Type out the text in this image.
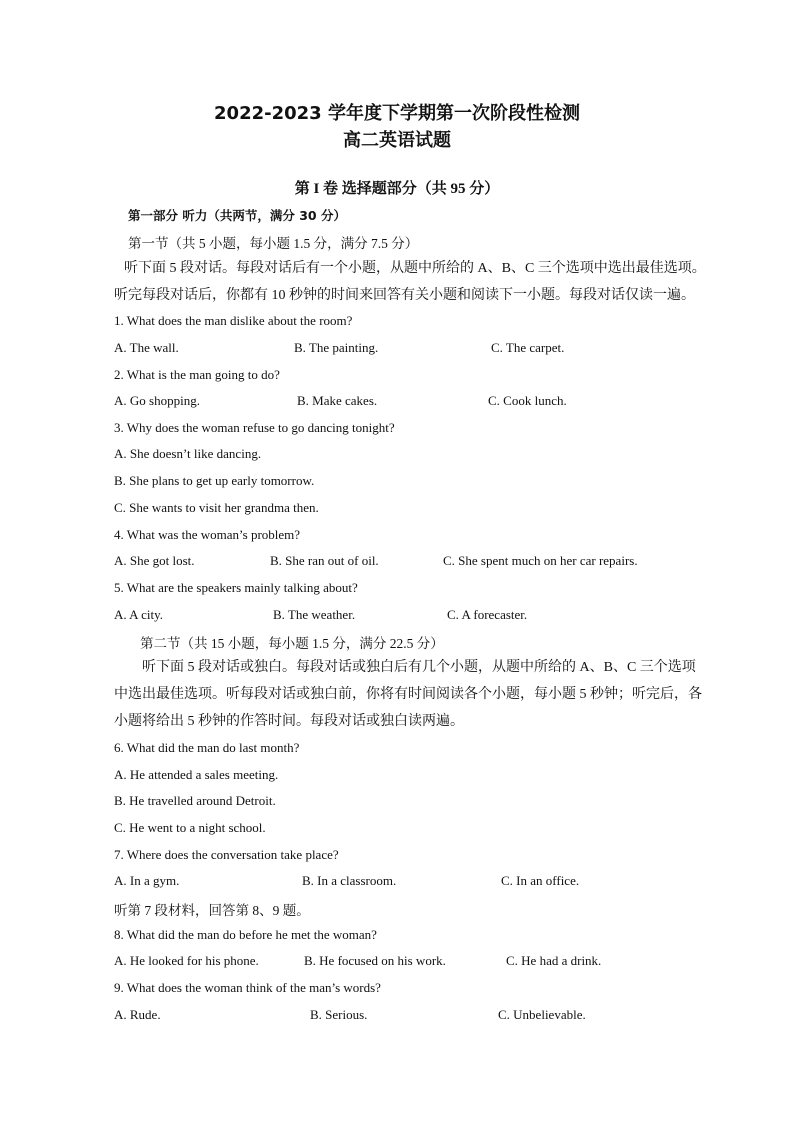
2022-2023 学年度下学期第一次阶段性检测
高二英语试题
第 I 卷 选择题部分（共 95 分）
第一部分 听力（共两节，满分 30 分）
第一节（共 5 小题，每小题 1.5 分，满分 7.5 分）
听下面 5 段对话。每段对话后有一个小题，从题中所给的 A、B、C 三个选项中选出最佳选项。听完每段对话后，你都有 10 秒钟的时间来回答有关小题和阅读下一小题。每段对话仅读一遍。
1. What does the man dislike about the room?
A. The wall.	B. The painting.	C. The carpet.
2. What is the man going to do?
A. Go shopping.	B. Make cakes.	C. Cook lunch.
3. Why does the woman refuse to go dancing tonight?
A. She doesn’t like dancing.
B. She plans to get up early tomorrow.
C. She wants to visit her grandma then.
4. What was the woman’s problem?
A. She got lost.	B. She ran out of oil.	C. She spent much on her car repairs.
5. What are the speakers mainly talking about?
A. A city.	B. The weather.	C. A forecaster.
第二节（共 15 小题，每小题 1.5 分，满分 22.5 分）
听下面 5 段对话或独白。每段对话或独白后有几个小题，从题中所给的 A、B、C 三个选项中选出最佳选项。听每段对话或独白前，你将有时间阅读各个小题，每小题 5 秒钟；听完后，各小题将给出 5 秒钟的作答时间。每段对话或独白读两遍。
6. What did the man do last month?
A. He attended a sales meeting.
B. He travelled around Detroit.
C. He went to a night school.
7. Where does the conversation take place?
A. In a gym.	B. In a classroom.	C. In an office.
听第 7 段材料，回答第 8、9 题。
8. What did the man do before he met the woman?
A. He looked for his phone.	B. He focused on his work.	C. He had a drink.
9. What does the woman think of the man’s words?
A. Rude.	B. Serious.	C. Unbelievable.
